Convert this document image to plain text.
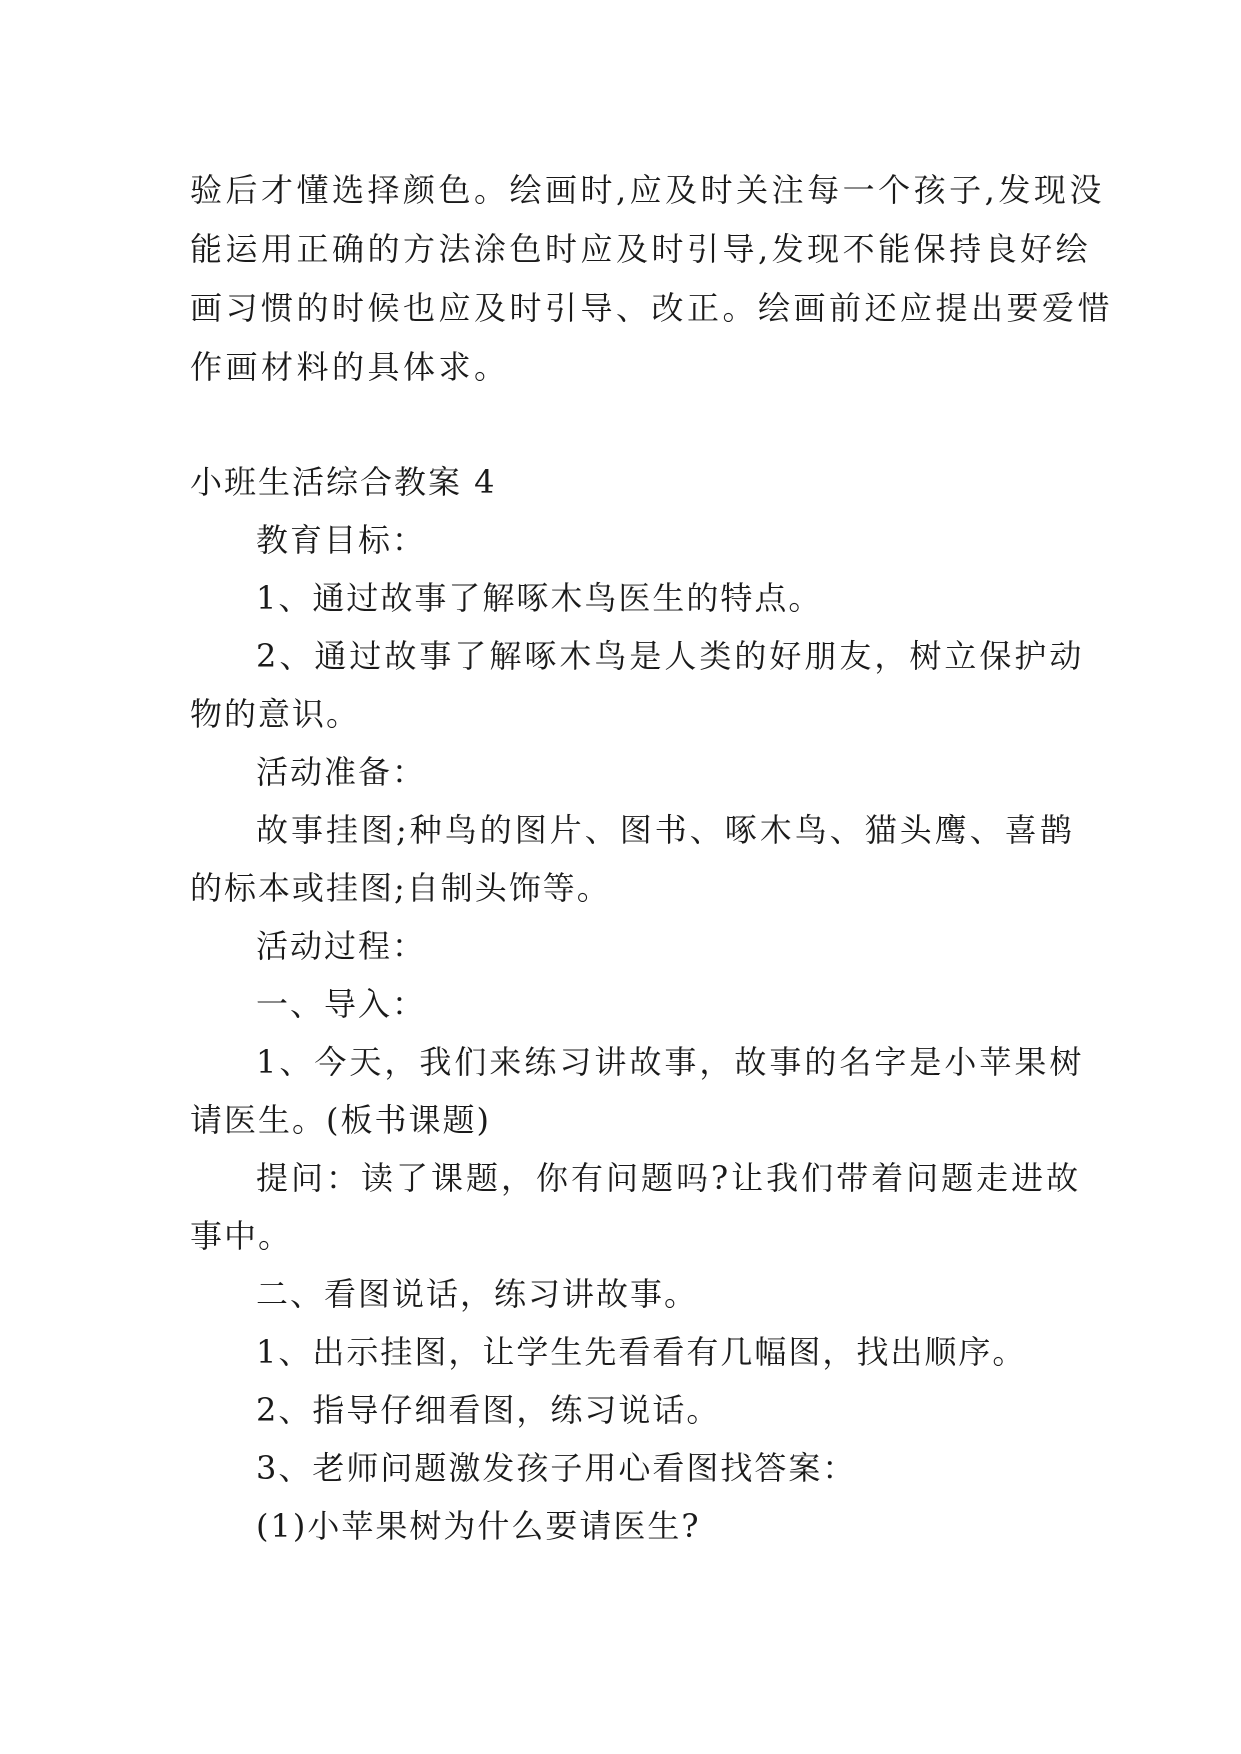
验后才懂选择颜色。绘画时,应及时关注每一个孩子,发现没
能运用正确的方法涂色时应及时引导,发现不能保持良好绘
画习惯的时候也应及时引导、改正。绘画前还应提出要爱惜
作画材料的具体求。
小班生活综合教案 4
教育目标：
1、通过故事了解啄木鸟医生的特点。
2、通过故事了解啄木鸟是人类的好朋友，树立保护动
物的意识。
活动准备：
故事挂图;种鸟的图片、图书、啄木鸟、猫头鹰、喜鹊
的标本或挂图;自制头饰等。
活动过程：
一、导入：
1、今天，我们来练习讲故事，故事的名字是小苹果树
请医生。(板书课题)
提问：读了课题，你有问题吗?让我们带着问题走进故
事中。
二、看图说话，练习讲故事。
1、出示挂图，让学生先看看有几幅图，找出顺序。
2、指导仔细看图，练习说话。
3、老师问题激发孩子用心看图找答案：
(1)小苹果树为什么要请医生?
